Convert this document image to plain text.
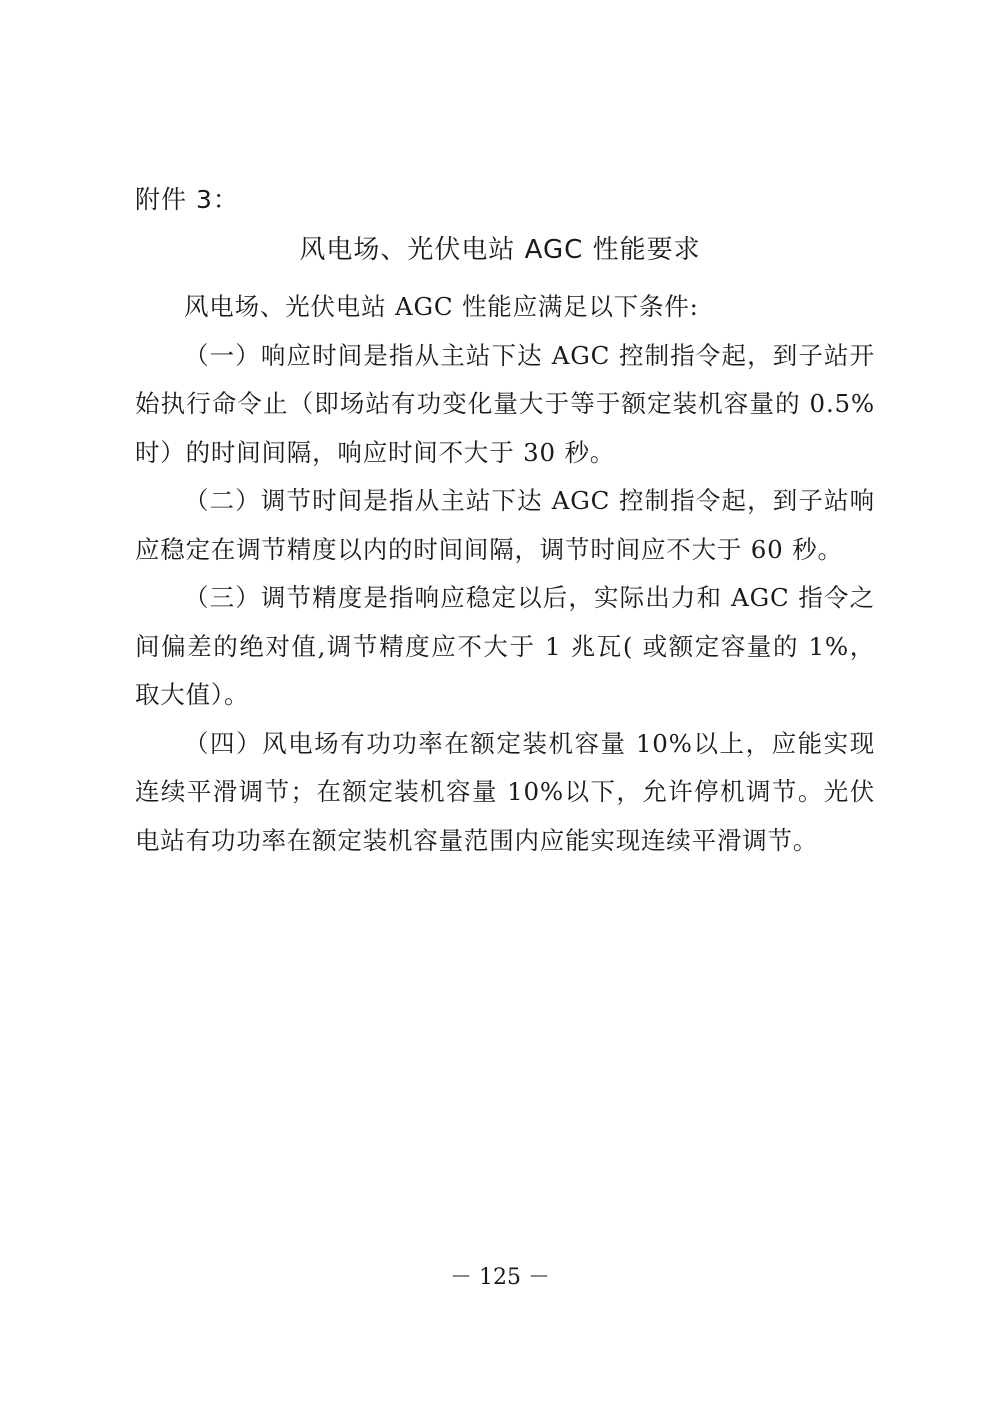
附件 3：
风电场、光伏电站 AGC 性能要求

风电场、光伏电站 AGC 性能应满足以下条件:

（一）响应时间是指从主站下达 AGC 控制指令起，到子站开始执行命令止（即场站有功变化量大于等于额定装机容量的 0.5%时）的时间间隔，响应时间不大于 30 秒。

（二）调节时间是指从主站下达 AGC 控制指令起，到子站响应稳定在调节精度以内的时间间隔，调节时间应不大于 60 秒。

（三）调节精度是指响应稳定以后，实际出力和 AGC 指令之间偏差的绝对值,调节精度应不大于 1 兆瓦( 或额定容量的 1%，取大值）。

（四）风电场有功功率在额定装机容量 10%以上，应能实现连续平滑调节；在额定装机容量 10%以下，允许停机调节。光伏电站有功功率在额定装机容量范围内应能实现连续平滑调节。

－ 125 －
